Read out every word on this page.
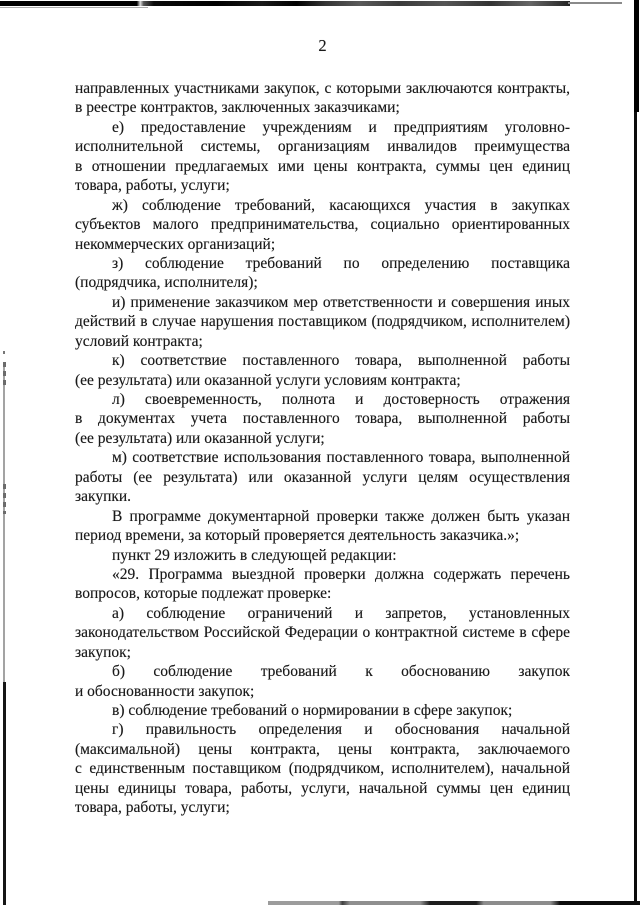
2
направленных участниками закупок, с которыми заключаются контракты,
в реестре контрактов, заключенных заказчиками;
е) предоставление учреждениям и предприятиям уголовно-
исполнительной системы, организациям инвалидов преимущества
в отношении предлагаемых ими цены контракта, суммы цен единиц
товара, работы, услуги;
ж) соблюдение требований, касающихся участия в закупках
субъектов малого предпринимательства, социально ориентированных
некоммерческих организаций;
з) соблюдение требований по определению поставщика
(подрядчика, исполнителя);
и) применение заказчиком мер ответственности и совершения иных
действий в случае нарушения поставщиком (подрядчиком, исполнителем)
условий контракта;
к) соответствие поставленного товара, выполненной работы
(ее результата) или оказанной услуги условиям контракта;
л) своевременность, полнота и достоверность отражения
в документах учета поставленного товара, выполненной работы
(ее результата) или оказанной услуги;
м) соответствие использования поставленного товара, выполненной
работы (ее результата) или оказанной услуги целям осуществления
закупки.
В программе документарной проверки также должен быть указан
период времени, за который проверяется деятельность заказчика.»;
пункт 29 изложить в следующей редакции:
«29. Программа выездной проверки должна содержать перечень
вопросов, которые подлежат проверке:
а) соблюдение ограничений и запретов, установленных
законодательством Российской Федерации о контрактной системе в сфере
закупок;
б) соблюдение требований к обоснованию закупок
и обоснованности закупок;
в) соблюдение требований о нормировании в сфере закупок;
г) правильность определения и обоснования начальной
(максимальной) цены контракта, цены контракта, заключаемого
с единственным поставщиком (подрядчиком, исполнителем), начальной
цены единицы товара, работы, услуги, начальной суммы цен единиц
товара, работы, услуги;
